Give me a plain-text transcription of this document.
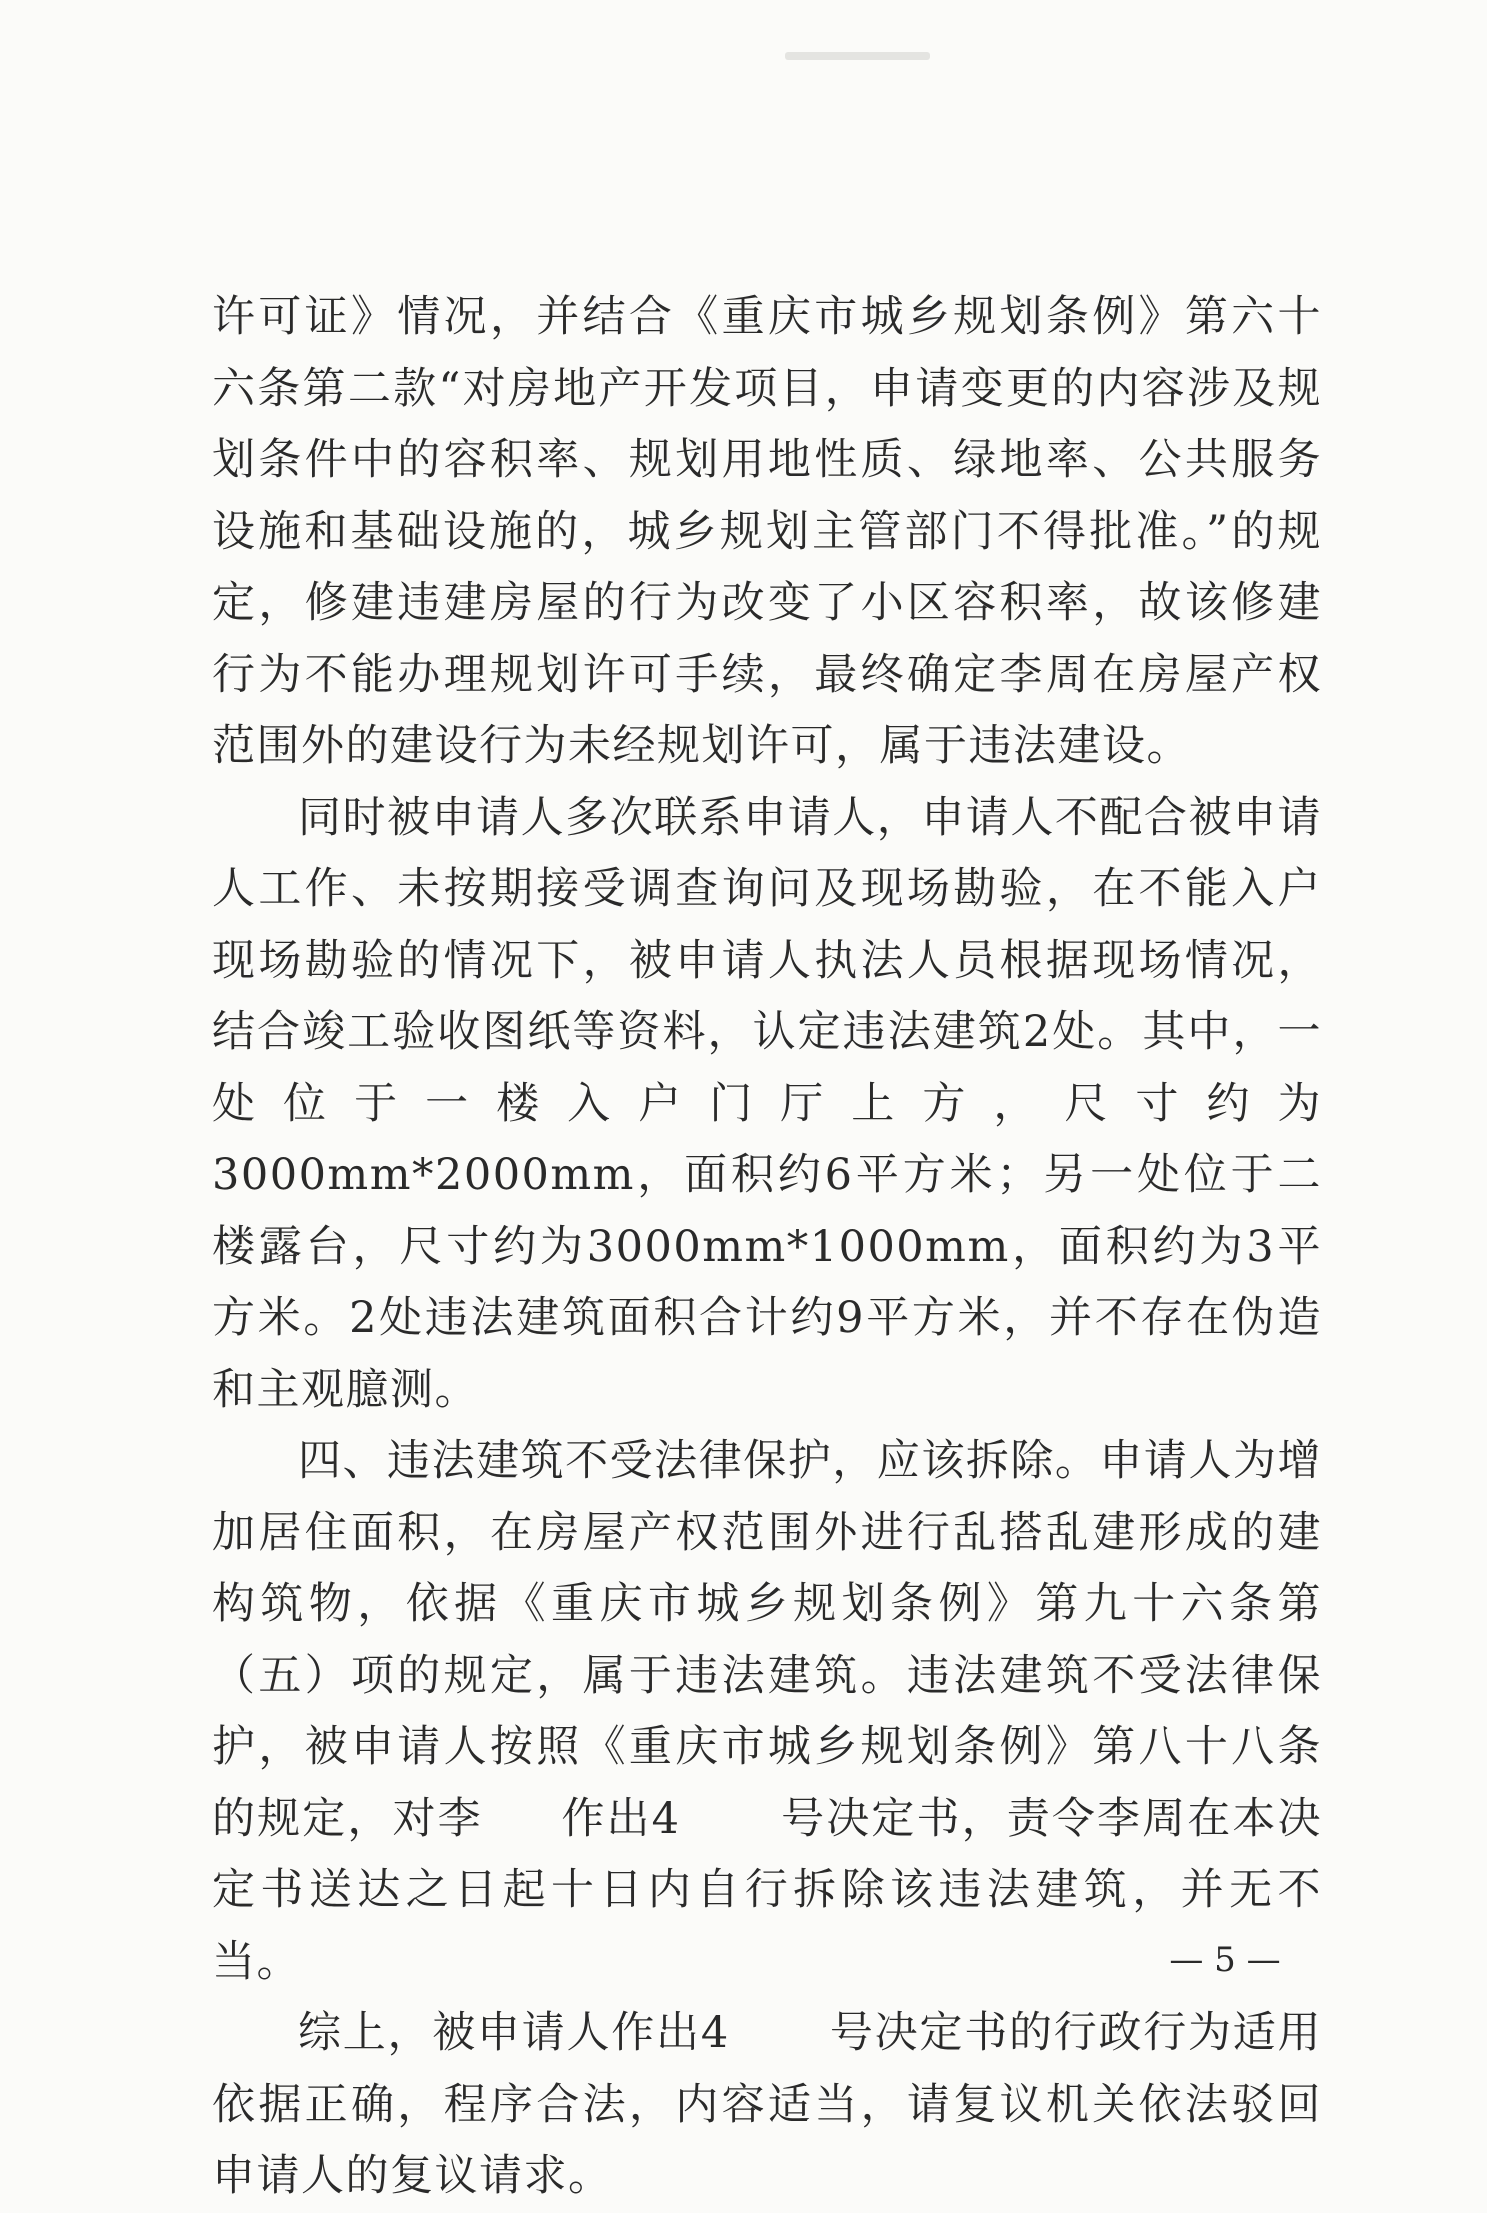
许可证》情况，并结合《重庆市城乡规划条例》第六十六条第二款“对房地产开发项目，申请变更的内容涉及规划条件中的容积率、规划用地性质、绿地率、公共服务设施和基础设施的，城乡规划主管部门不得批准。”的规定，修建违建房屋的行为改变了小区容积率，故该修建行为不能办理规划许可手续，最终确定李周在房屋产权范围外的建设行为未经规划许可，属于违法建设。

同时被申请人多次联系申请人，申请人不配合被申请人工作、未按期接受调查询问及现场勘验，在不能入户现场勘验的情况下，被申请人执法人员根据现场情况，结合竣工验收图纸等资料，认定违法建筑2处。其中，一处位于一楼入户门厅上方，尺寸约为3000mm*2000mm，面积约6平方米；另一处位于二楼露台，尺寸约为3000mm*1000mm，面积约为3平方米。2处违法建筑面积合计约9平方米，并不存在伪造和主观臆测。

四、违法建筑不受法律保护，应该拆除。申请人为增加居住面积，在房屋产权范围外进行乱搭乱建形成的建构筑物，依据《重庆市城乡规划条例》第九十六条第（五）项的规定，属于违法建筑。违法建筑不受法律保护，被申请人按照《重庆市城乡规划条例》第八十八条的规定，对李 作出4 号决定书，责令李周在本决定书送达之日起十日内自行拆除该违法建筑，并无不当。

综上，被申请人作出4 号决定书的行政行为适用依据正确，程序合法，内容适当，请复议机关依法驳回申请人的复议请求。

— 5 —
